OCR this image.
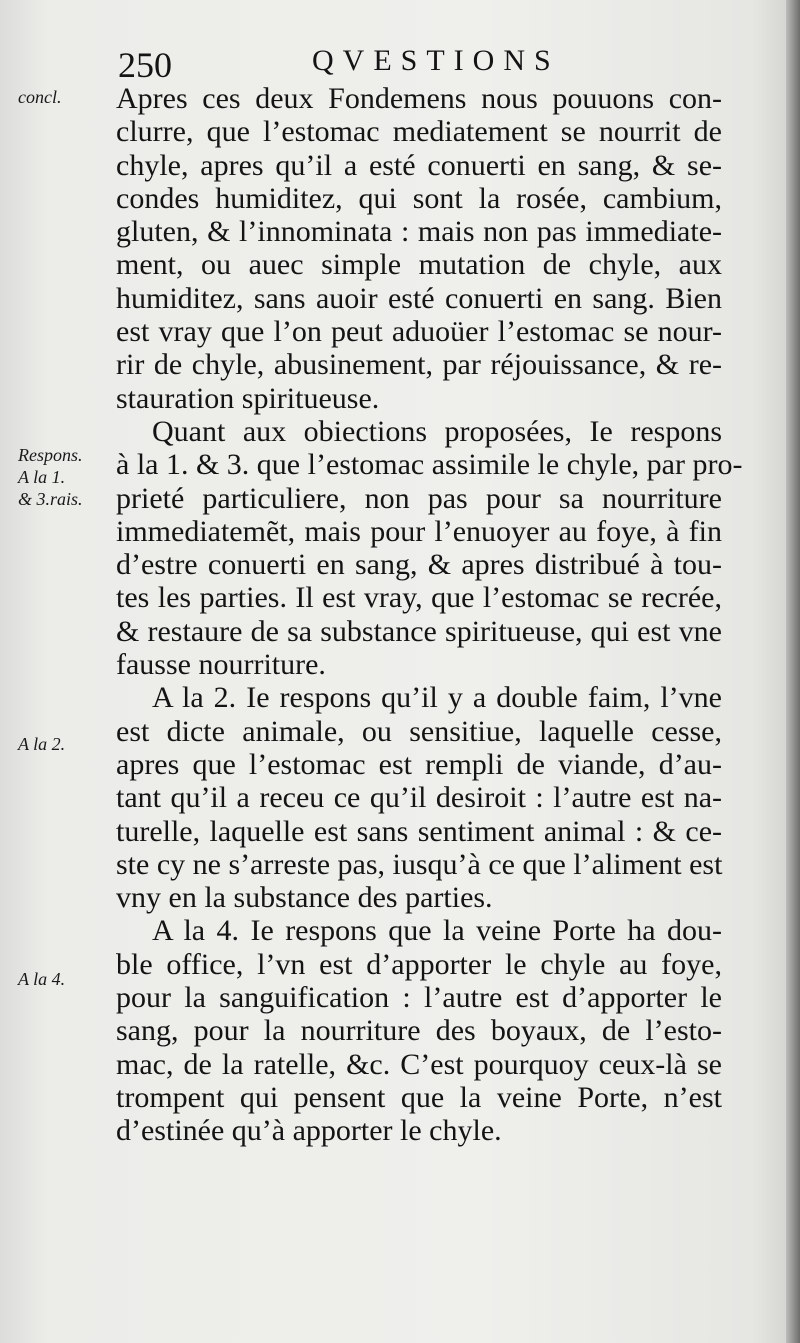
250	QVESTIONS
concl.
Respons.
A la 1.
& 3.rais.
A la 2.
A la 4.
Apres ces deux Fondemens nous pouuons con-
clurre, que l’estomac mediatement se nourrit de
chyle, apres qu’il a esté conuerti en sang, & se-
condes humiditez, qui sont la rosée, cambium,
gluten, & l’innominata : mais non pas immediate-
ment, ou auec simple mutation de chyle, aux
humiditez, sans auoir esté conuerti en sang. Bien
est vray que l’on peut aduoüer l’estomac se nour-
rir de chyle, abusinement, par réjouissance, & re-
stauration spiritueuse.
Quant aux obiections proposées, Ie respons
à la 1. & 3. que l’estomac assimile le chyle, par pro-
prieté particuliere, non pas pour sa nourriture
immediatemẽt, mais pour l’enuoyer au foye, à fin
d’estre conuerti en sang, & apres distribué à tou-
tes les parties. Il est vray, que l’estomac se recrée,
& restaure de sa substance spiritueuse, qui est vne
fausse nourriture.
A la 2. Ie respons qu’il y a double faim, l’vne
est dicte animale, ou sensitiue, laquelle cesse,
apres que l’estomac est rempli de viande, d’au-
tant qu’il a receu ce qu’il desiroit : l’autre est na-
turelle, laquelle est sans sentiment animal : & ce-
ste cy ne s’arreste pas, iusqu’à ce que l’aliment est
vny en la substance des parties.
A la 4. Ie respons que la veine Porte ha dou-
ble office, l’vn est d’apporter le chyle au foye,
pour la sanguification : l’autre est d’apporter le
sang, pour la nourriture des boyaux, de l’esto-
mac, de la ratelle, &c. C’est pourquoy ceux-là se
trompent qui pensent que la veine Porte, n’est
d’estinée qu’à apporter le chyle.
